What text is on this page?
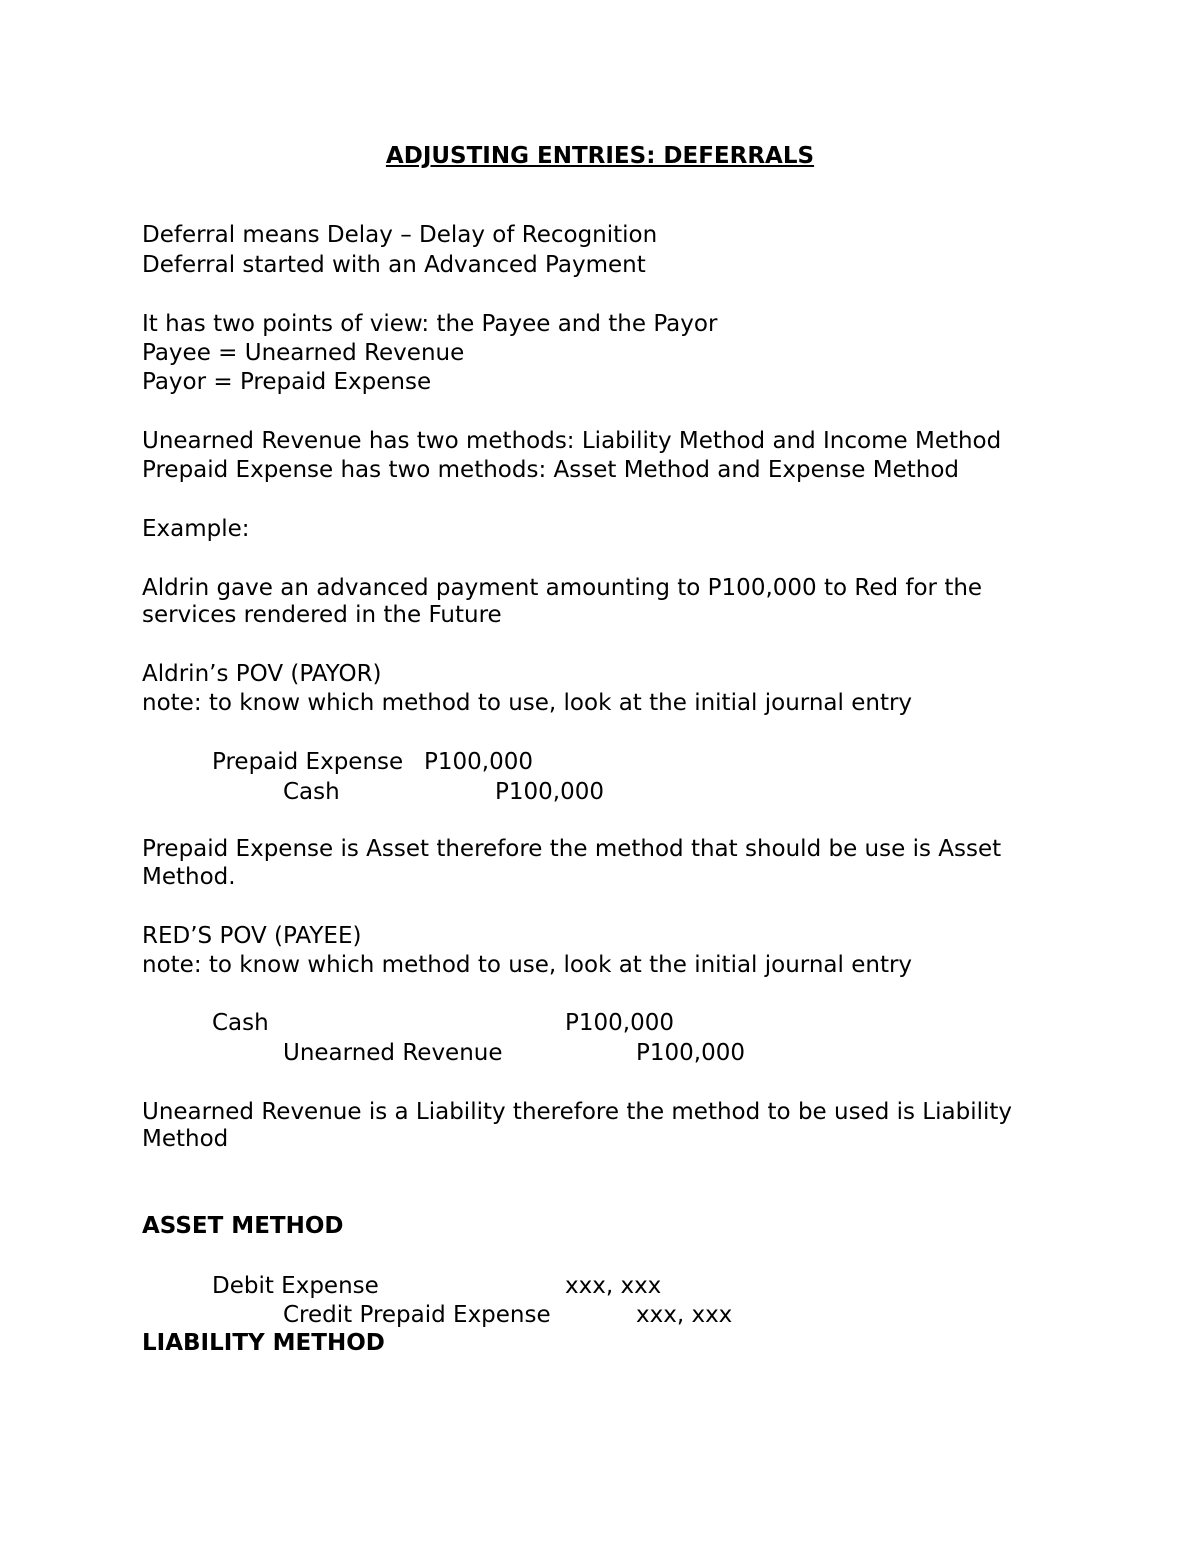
ADJUSTING ENTRIES: DEFERRALS
Deferral means Delay – Delay of Recognition
Deferral started with an Advanced Payment
It has two points of view: the Payee and the Payor
Payee = Unearned Revenue
Payor = Prepaid Expense
Unearned Revenue has two methods: Liability Method and Income Method
Prepaid Expense has two methods: Asset Method and Expense Method
Example:
Aldrin gave an advanced payment amounting to P100,000 to Red for the
services rendered in the Future
Aldrin’s POV (PAYOR)
note: to know which method to use, look at the initial journal entry
Prepaid Expense P100,000
Cash	P100,000
Prepaid Expense is Asset therefore the method that should be use is Asset
Method.
RED’S POV (PAYEE)
note: to know which method to use, look at the initial journal entry
Cash	P100,000
Unearned Revenue	P100,000
Unearned Revenue is a Liability therefore the method to be used is Liability
Method
ASSET METHOD
Debit Expense	xxx, xxx
Credit Prepaid Expense	xxx, xxx
LIABILITY METHOD
